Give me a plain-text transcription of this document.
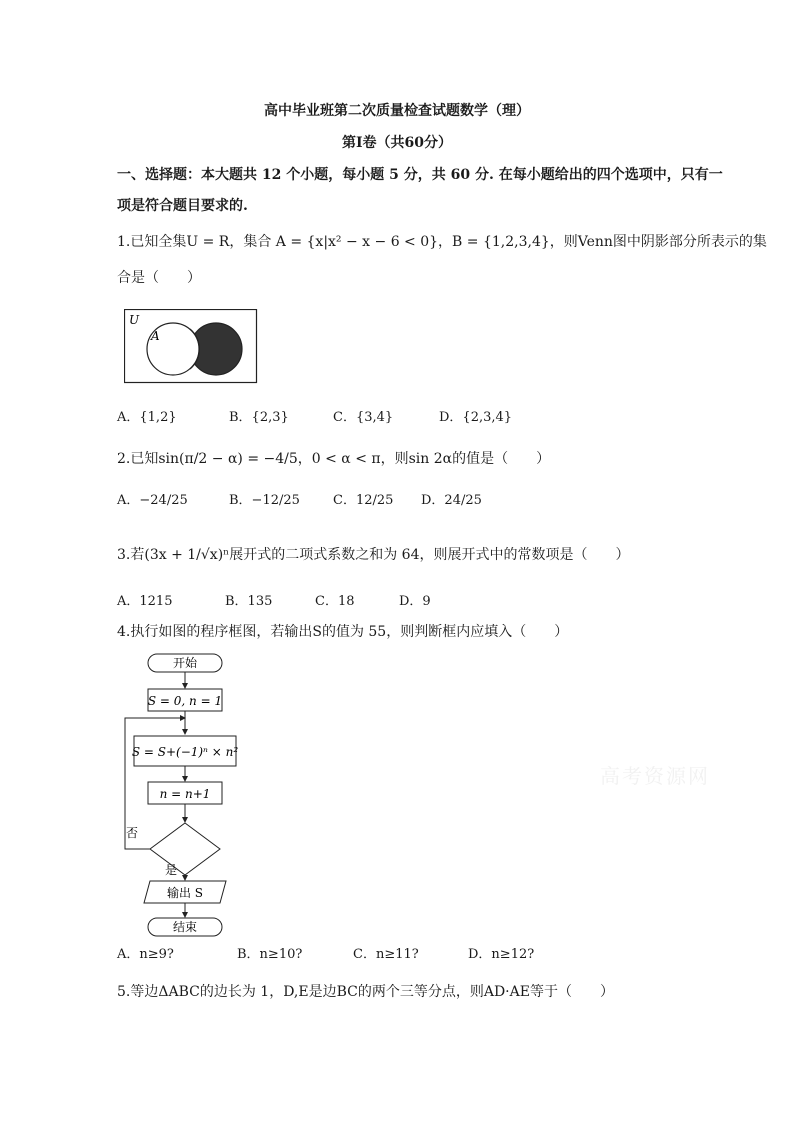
高中毕业班第二次质量检查试题数学（理）
第Ⅰ卷（共60分）
一、选择题：本大题共 12 个小题，每小题 5 分，共 60 分. 在每小题给出的四个选项中，只有一
项是符合题目要求的.
1.已知全集U = R，集合 A = {x|x² − x − 6 < 0}，B = {1,2,3,4}，则Venn图中阴影部分所表示的集
合是（　　）
U
A
A．{1,2}	B．{2,3}	C．{3,4}	D．{2,3,4}
2.已知sin(π/2 − α) = −4/5，0 < α < π，则sin 2α的值是（　　）
A．−24/25	B．−12/25	C．12/25 D．24/25
3.若(3x + 1/√x)ⁿ展开式的二项式系数之和为 64，则展开式中的常数项是（　　）
A．1215	B．135	C．18	D．9
4.执行如图的程序框图，若输出S的值为 55，则判断框内应填入（　　）
开始
S = 0, n = 1
S = S+(−1)ⁿ × n²
n = n+1
否
是
输出 S
结束
A．n≥9?	B．n≥10?	C．n≥11?	D．n≥12?
5.等边ΔABC的边长为 1，D,E是边BC的两个三等分点，则AD·AE等于（　　）
高考资源网
